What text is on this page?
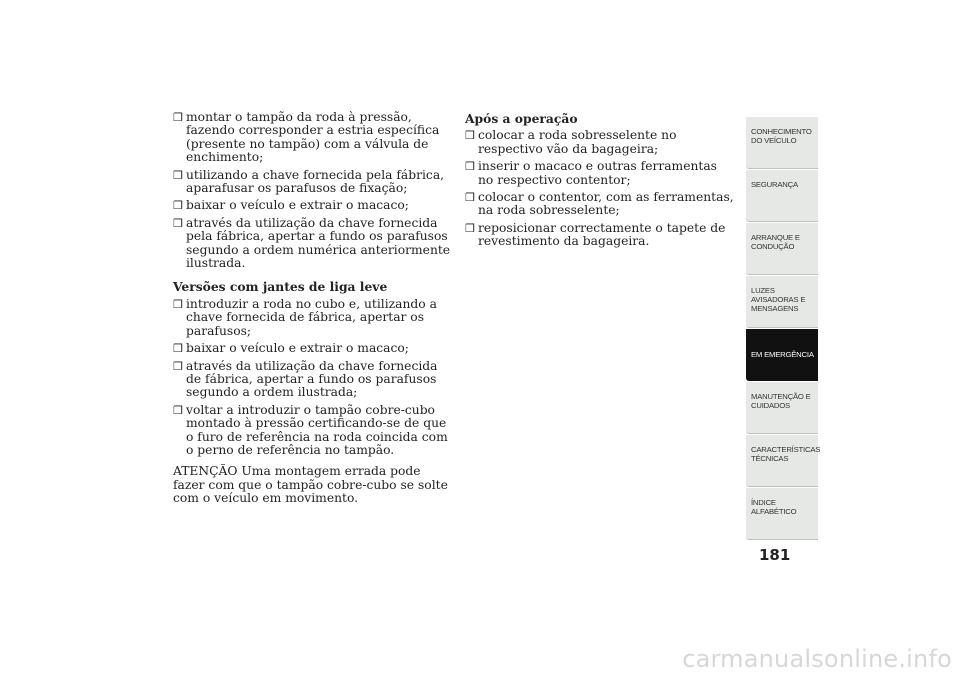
❒ montar o tampão da roda à pressão, fazendo corresponder a estria específica (presente no tampão) com a válvula de enchimento;
❒ utilizando a chave fornecida pela fábrica, aparafusar os parafusos de fixação;
❒ baixar o veículo e extrair o macaco;
❒ através da utilização da chave fornecida pela fábrica, apertar a fundo os parafusos segundo a ordem numérica anteriormente ilustrada.
Versões com jantes de liga leve
❒ introduzir a roda no cubo e, utilizando a chave fornecida de fábrica, apertar os parafusos;
❒ baixar o veículo e extrair o macaco;
❒ através da utilização da chave fornecida de fábrica, apertar a fundo os parafusos segundo a ordem ilustrada;
❒ voltar a introduzir o tampão cobre-cubo montado à pressão certificando-se de que o furo de referência na roda coincida com o perno de referência no tampão.
ATENÇÃO Uma montagem errada pode fazer com que o tampão cobre-cubo se solte com o veículo em movimento.
Após a operação
❒ colocar a roda sobresselente no respectivo vão da bagageira;
❒ inserir o macaco e outras ferramentas no respectivo contentor;
❒ colocar o contentor, com as ferramentas, na roda sobresselente;
❒ reposicionar correctamente o tapete de revestimento da bagageira.
CONHECIMENTO DO VEÍCULO
SEGURANÇA
ARRANQUE E CONDUÇÃO
LUZES AVISADORAS E MENSAGENS
EM EMERGÊNCIA
MANUTENÇÃO E CUIDADOS
CARACTERÍSTICAS TÉCNICAS
ÍNDICE ALFABÉTICO
181
carmanualsonline.info
